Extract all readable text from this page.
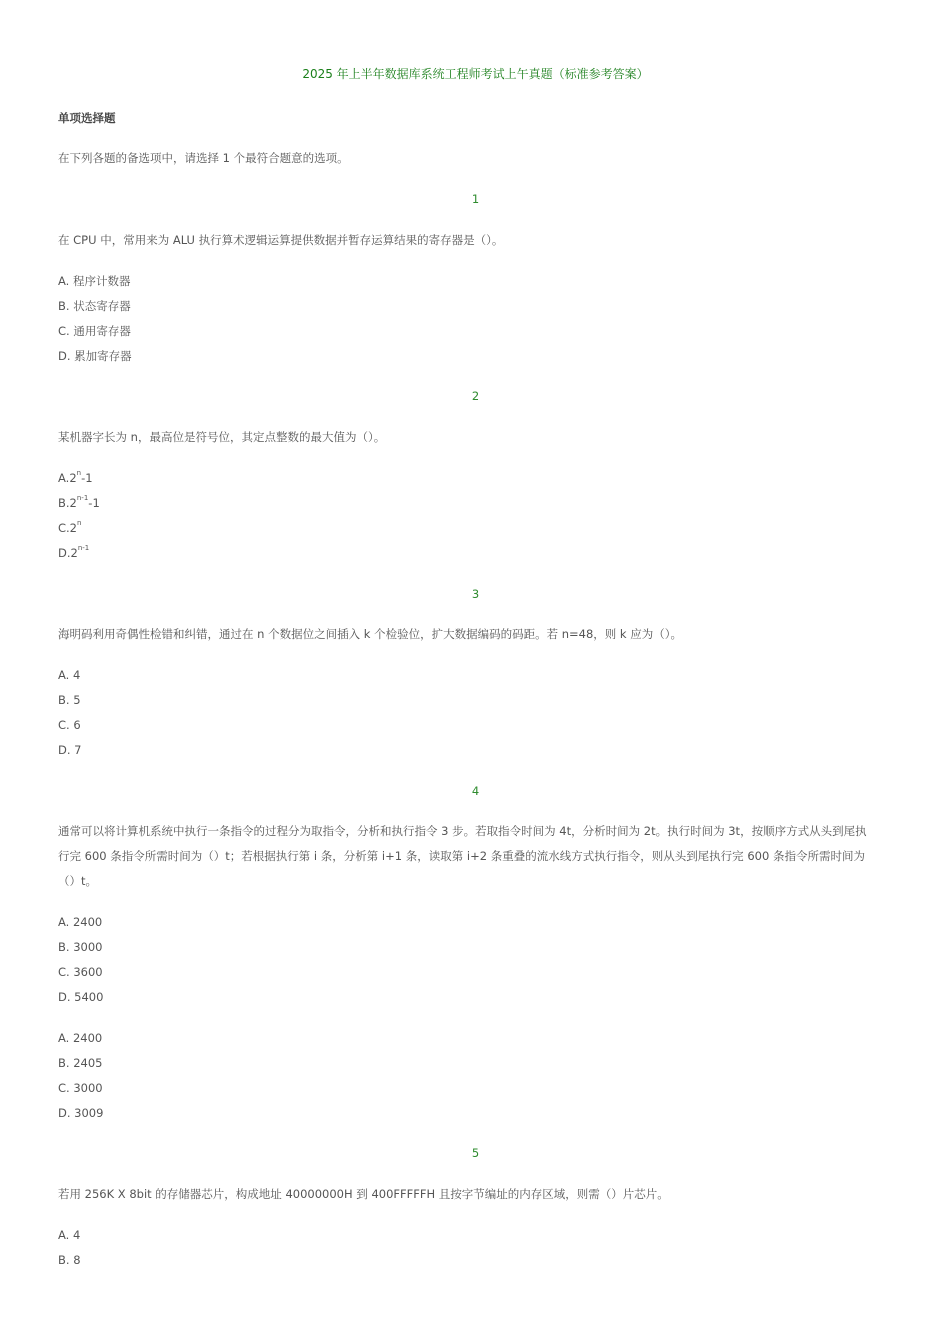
2025 年上半年数据库系统工程师考试上午真题（标准参考答案）
单项选择题
在下列各题的备选项中，请选择 1 个最符合题意的选项。
1
在 CPU 中，常用来为 ALU 执行算术逻辑运算提供数据并暂存运算结果的寄存器是（）。
A. 程序计数器
B. 状态寄存器
C. 通用寄存器
D. 累加寄存器
2
某机器字长为 n，最高位是符号位，其定点整数的最大值为（）。
A.2$^n$-1
B.2$^{n-1}$-1
C.2$^n$
D.2$^{n-1}$
3
海明码利用奇偶性检错和纠错，通过在 n 个数据位之间插入 k 个检验位，扩大数据编码的码距。若 n=48，则 k 应为（）。
A. 4
B. 5
C. 6
D. 7
4
通常可以将计算机系统中执行一条指令的过程分为取指令，分析和执行指令 3 步。若取指令时间为 4t，分析时间为 2t。执行时间为 3t，按顺序方式从头到尾执
行完 600 条指令所需时间为（）t；若根据执行第 i 条，分析第 i+1 条，读取第 i+2 条重叠的流水线方式执行指令，则从头到尾执行完 600 条指令所需时间为
（）t。
A. 2400
B. 3000
C. 3600
D. 5400
A. 2400
B. 2405
C. 3000
D. 3009
5
若用 256K X 8bit 的存储器芯片，构成地址 40000000H 到 400FFFFFH 且按字节编址的内存区域，则需（）片芯片。
A. 4
B. 8
